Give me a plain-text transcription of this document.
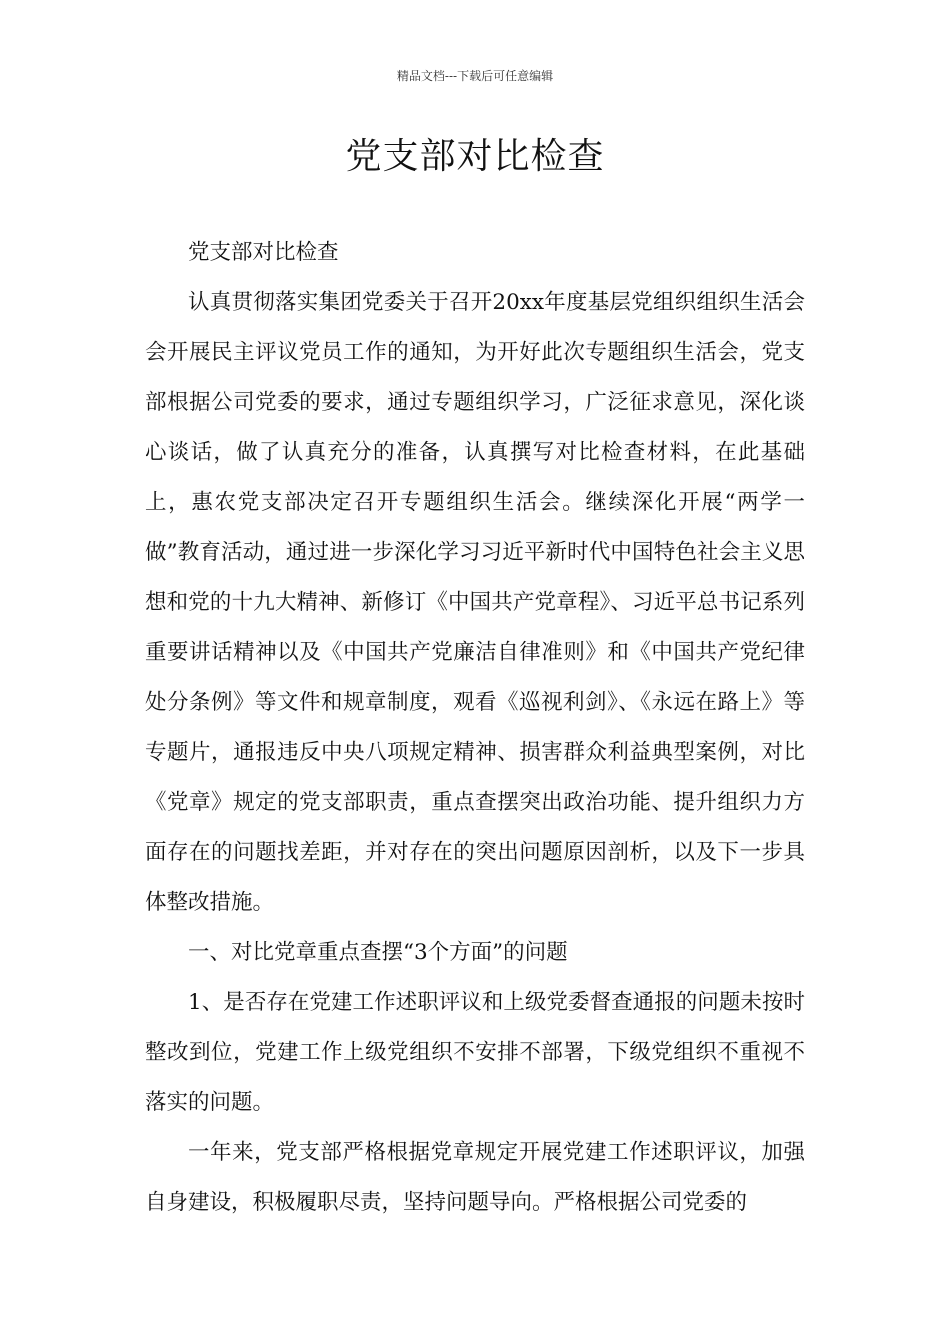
精品文档---下载后可任意编辑
党支部对比检查

党支部对比检查

认真贯彻落实集团党委关于召开20xx年度基层党组织组织生活会会开展民主评议党员工作的通知，为开好此次专题组织生活会，党支部根据公司党委的要求，通过专题组织学习，广泛征求意见，深化谈心谈话，做了认真充分的准备，认真撰写对比检查材料，在此基础上，惠农党支部决定召开专题组织生活会。继续深化开展“两学一做”教育活动，通过进一步深化学习习近平新时代中国特色社会主义思想和党的十九大精神、新修订《中国共产党章程》、习近平总书记系列重要讲话精神以及《中国共产党廉洁自律准则》和《中国共产党纪律处分条例》等文件和规章制度，观看《巡视利剑》、《永远在路上》等专题片，通报违反中央八项规定精神、损害群众利益典型案例，对比《党章》规定的党支部职责，重点查摆突出政治功能、提升组织力方面存在的问题找差距，并对存在的突出问题原因剖析，以及下一步具体整改措施。

一、对比党章重点查摆“3个方面”的问题

1、是否存在党建工作述职评议和上级党委督查通报的问题未按时整改到位，党建工作上级党组织不安排不部署，下级党组织不重视不落实的问题。

一年来，党支部严格根据党章规定开展党建工作述职评议，加强自身建设，积极履职尽责，坚持问题导向。严格根据公司党委的
